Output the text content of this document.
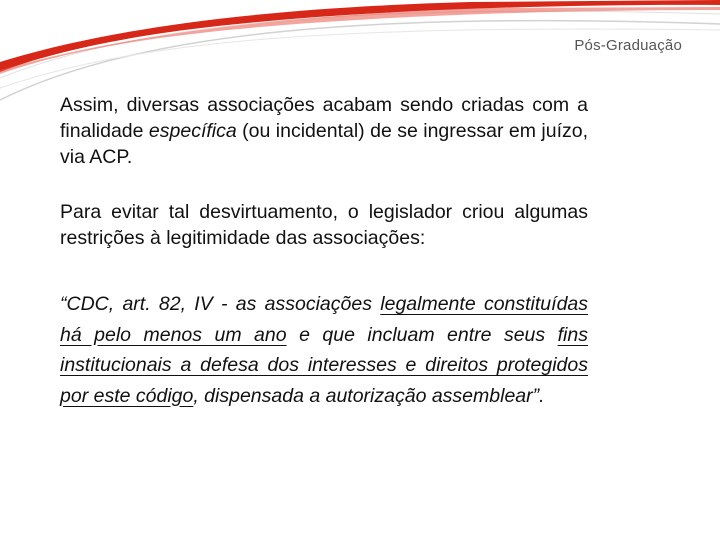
Pós-Graduação

Assim, diversas associações acabam sendo criadas com a finalidade específica (ou incidental) de se ingressar em juízo, via ACP.

Para evitar tal desvirtuamento, o legislador criou algumas restrições à legitimidade das associações:

“CDC, art. 82, IV - as associações legalmente constituídas há pelo menos um ano e que incluam entre seus fins institucionais a defesa dos interesses e direitos protegidos por este código, dispensada a autorização assemblear”.
